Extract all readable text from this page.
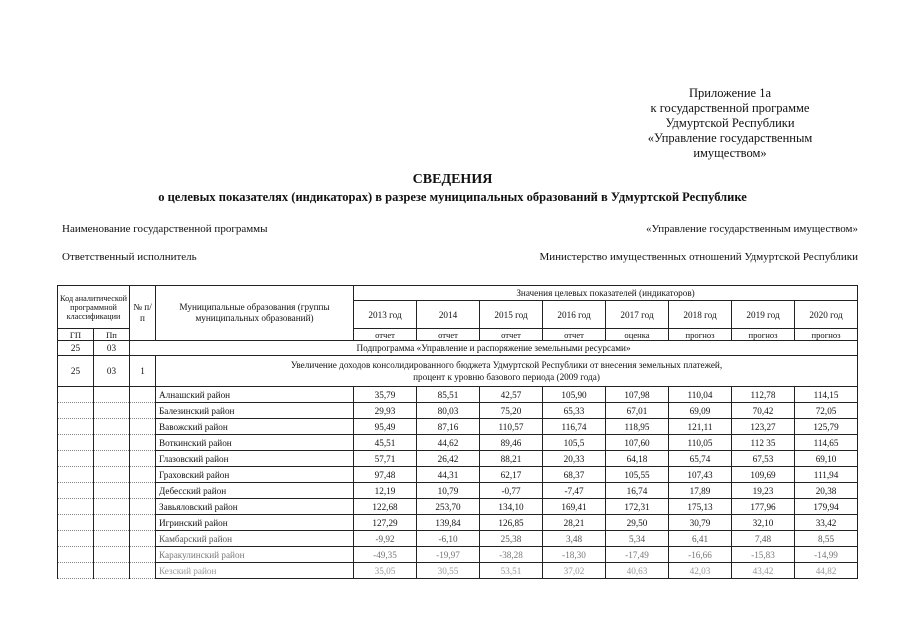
Приложение 1а
к государственной программе
Удмуртской Республики
«Управление государственным
имуществом»
СВЕДЕНИЯ
о целевых показателях (индикаторах) в разрезе муниципальных образований в Удмуртской Республике
Наименование государственной программы	«Управление государственным имуществом»
Ответственный исполнитель	Министерство имущественных отношений Удмуртской Республики
Код аналитической программной классификации		№ п/п	Муниципальные образования (группы муниципальных образований)	Значения целевых показателей (индикаторов)							
				2013 год	2014	2015 год	2016 год	2017 год	2018 год	2019 год	2020 год
ГП	Пп			отчет	отчет	отчет	отчет	оценка	прогноз	прогноз	прогноз
25	03	Подпрограмма «Управление и распоряжение земельными ресурсами»									
25	03	1	Увеличение доходов консолидированного бюджета Удмуртской Республики от внесения земельных платежей,
процент к уровню базового периода (2009 года)								

			Алнашский район	35,79	85,51	42,57	105,90	107,98	110,04	112,78	114,15
			Балезинский район	29,93	80,03	75,20	65,33	67,01	69,09	70,42	72,05
			Вавожский район	95,49	87,16	110,57	116,74	118,95	121,11	123,27	125,79
			Воткинский район	45,51	44,62	89,46	105,5	107,60	110,05	112 35	114,65
			Глазовский район	57,71	26,42	88,21	20,33	64,18	65,74	67,53	69,10
			Граховский район	97,48	44,31	62,17	68,37	105,55	107,43	109,69	111,94
			Дебесский район	12,19	10,79	-0,77	-7,47	16,74	17,89	19,23	20,38
			Завьяловский район	122,68	253,70	134,10	169,41	172,31	175,13	177,96	179,94
			Игринский район	127,29	139,84	126,85	28,21	29,50	30,79	32,10	33,42
			Камбарский район	-9,92	-6,10	25,38	3,48	5,34	6,41	7,48	8,55
			Каракулинский район	-49,35	-19,97	-38,28	-18,30	-17,49	-16,66	-15,83	-14,99
			Кезский район	35,05	30,55	53,51	37,02	40,63	42,03	43,42	44,82
